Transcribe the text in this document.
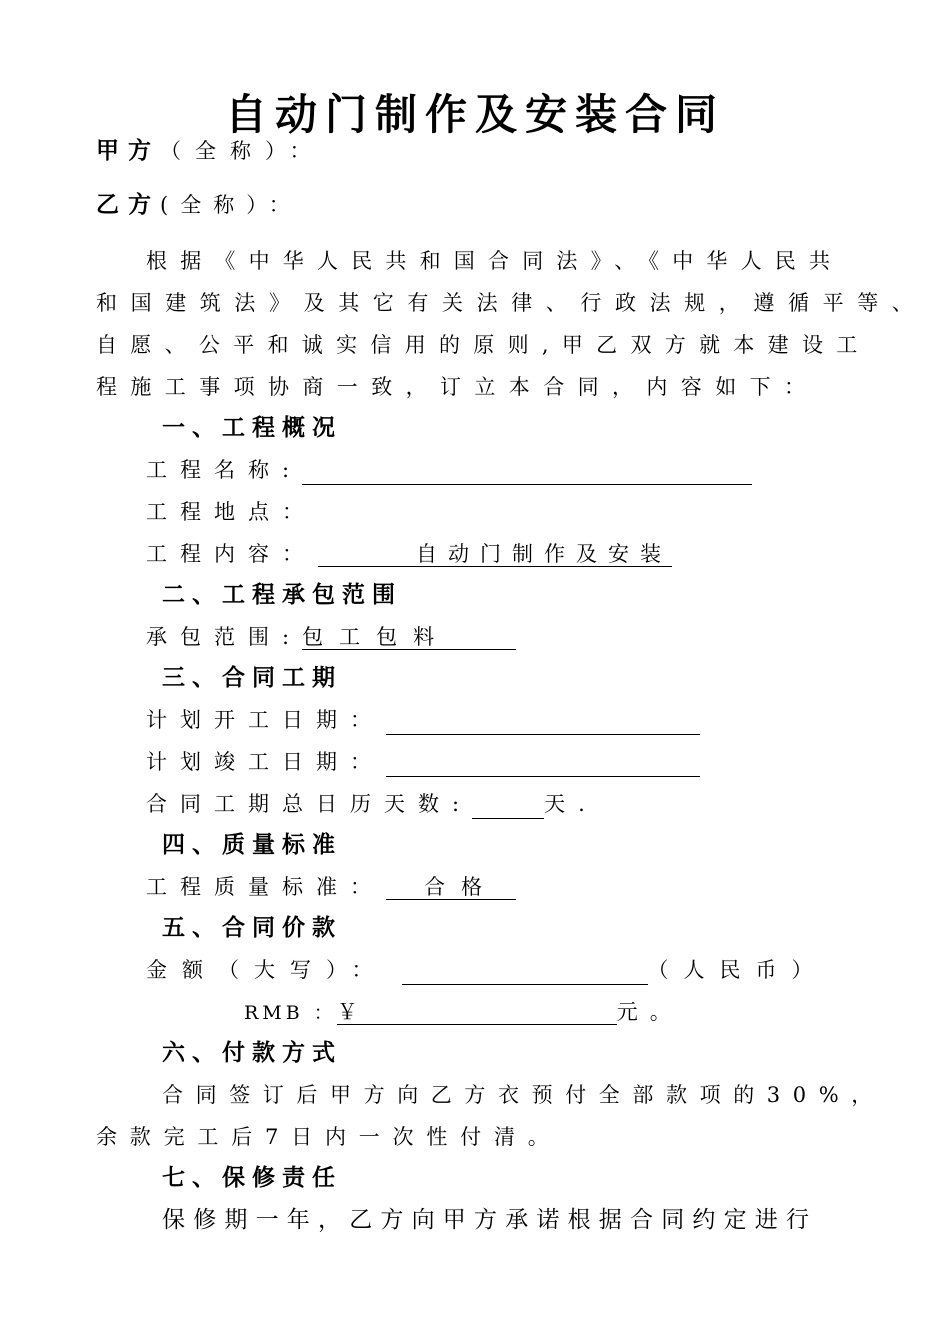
自动门制作及安装合同
甲方（全称）：
乙方(全称）：
根据《中华人民共和国合同法》、《中华人民共
和国建筑法》及其它有关法律、行政法规，遵循平等、
自愿、公平和诚实信用的原则,甲乙双方就本建设工
程施工事项协商一致，订立本合同，内容如下：
一、工程概况
工程名称:
工程地点：
工程内容：	自动门制作及安装
二、工程承包范围
承包范围:包工包料
三、合同工期
计划开工日期：
计划竣工日期：
合同工期总日历天数:	天.
四、质量标准
工程质量标准： 合格
五、合同价款
金额（大写）：	（人民币）
RMB ：￥	元。
六、付款方式
合同签订后甲方向乙方衣预付全部款项的30%，
余款完工后7日内一次性付清。
七、保修责任
保修期一年，乙方向甲方承诺根据合同约定进行
